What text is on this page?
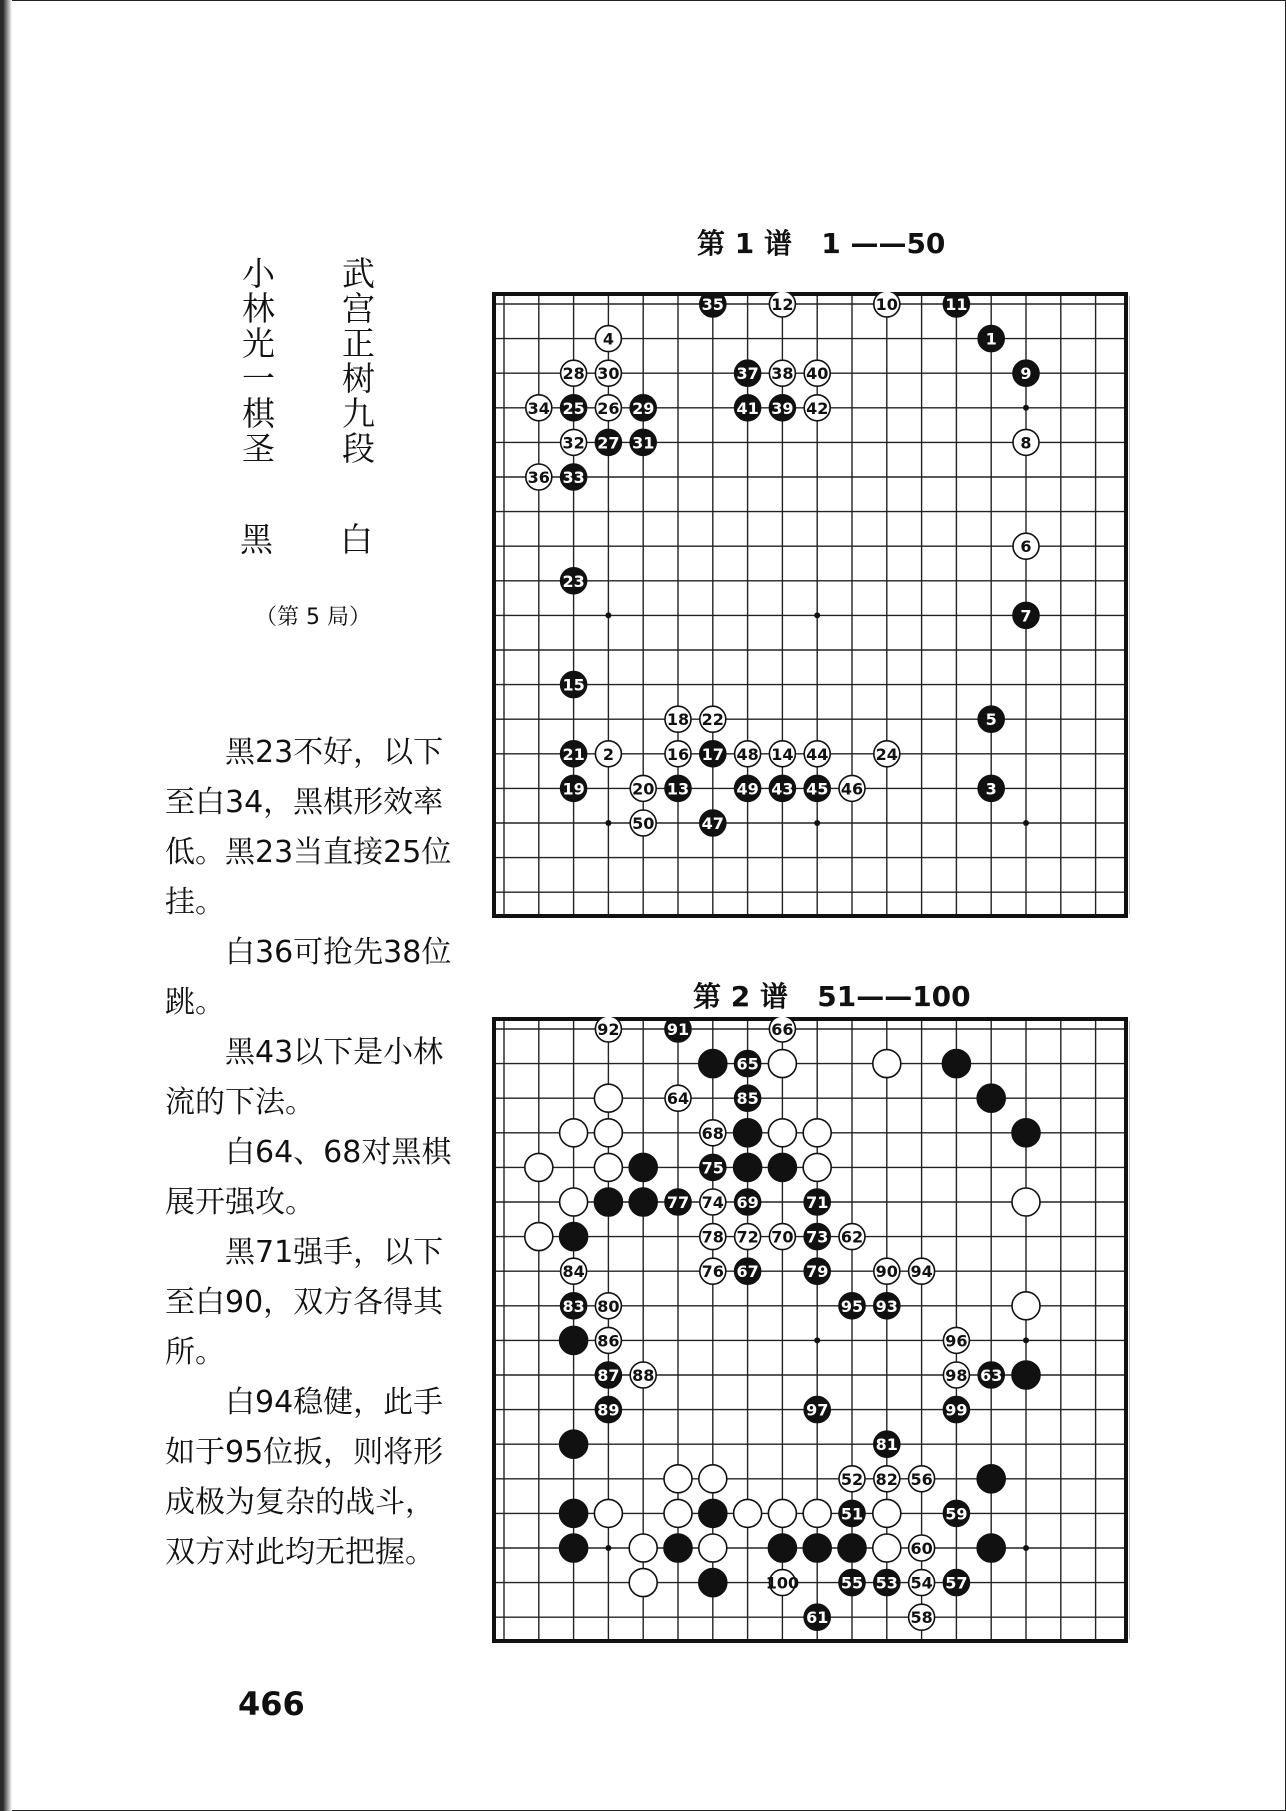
武宫正树九段
小林光一棋圣
白
黑
（第 5 局）

黑23不好，以下至白34，黑棋形效率低。黑23当直接25位挂。

白36可抢先38位跳。

黑43以下是小林流的下法。

白64、68对黑棋展开强攻。

黑71强手，以下至白90，双方各得其所。

白94稳健，此手如于95位扳，则将形成极为复杂的战斗，双方对此均无把握。

466
第 1 谱   1 ——50
35	12	10	11
1
4
28 30	37 38 40	9
34 25 26 29	41 39 42
32 27 31	8
36 33
6
23
7
15
18 22	5
21 2	16 17 48 14 44	24
19	20 13	49 43 45 46	3
50	47
第 2 谱   51——100
92	91	66
65
64	85
68
75
77 74 69	71
78 72 70 73 62
84	76 67	79	90 94
83 80	95 93
86	96
87 88	98 63
89	97	99
81
52 82 56
51	59
60
100	55 53 54 57
61	58
